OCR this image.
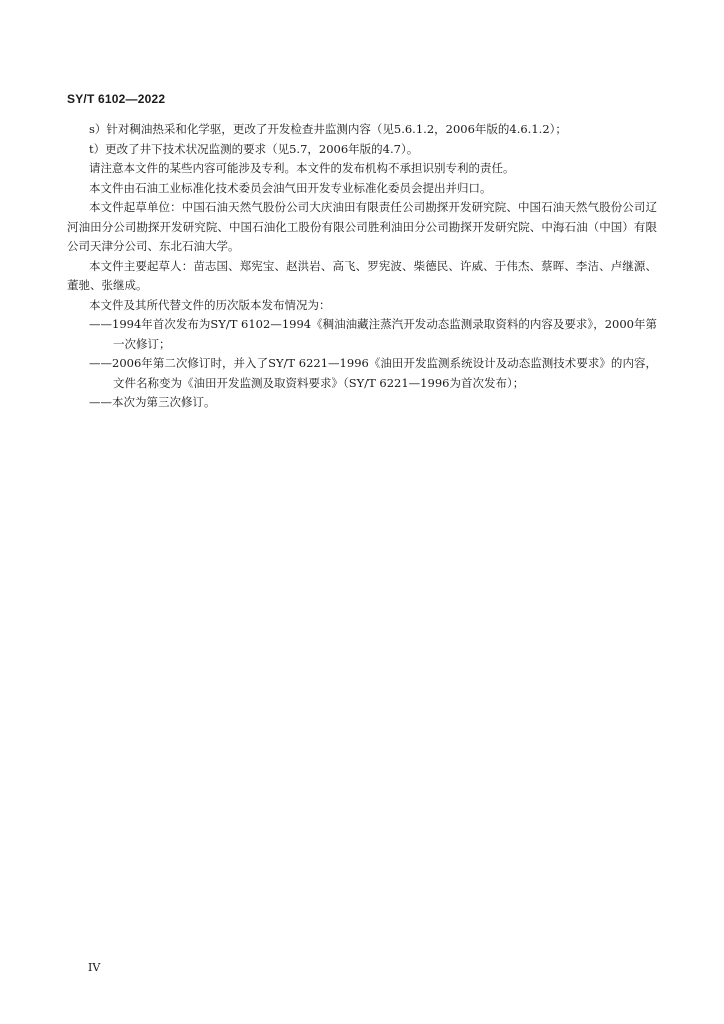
SY/T 6102—2022

s）针对稠油热采和化学驱，更改了开发检查井监测内容（见5.6.1.2，2006年版的4.6.1.2）；

t）更改了井下技术状况监测的要求（见5.7，2006年版的4.7）。

请注意本文件的某些内容可能涉及专利。本文件的发布机构不承担识别专利的责任。

本文件由石油工业标准化技术委员会油气田开发专业标准化委员会提出并归口。

本文件起草单位：中国石油天然气股份公司大庆油田有限责任公司勘探开发研究院、中国石油天然气股份公司辽河油田分公司勘探开发研究院、中国石油化工股份有限公司胜利油田分公司勘探开发研究院、中海石油（中国）有限公司天津分公司、东北石油大学。

本文件主要起草人：苗志国、郑宪宝、赵洪岩、高飞、罗宪波、柴德民、许威、于伟杰、蔡晖、李洁、卢继源、董驰、张继成。

本文件及其所代替文件的历次版本发布情况为：

——1994年首次发布为SY/T 6102—1994《稠油油藏注蒸汽开发动态监测录取资料的内容及要求》，2000年第一次修订；

——2006年第二次修订时，并入了SY/T 6221—1996《油田开发监测系统设计及动态监测技术要求》的内容，文件名称变为《油田开发监测及取资料要求》（SY/T 6221—1996为首次发布）；

——本次为第三次修订。

IV
